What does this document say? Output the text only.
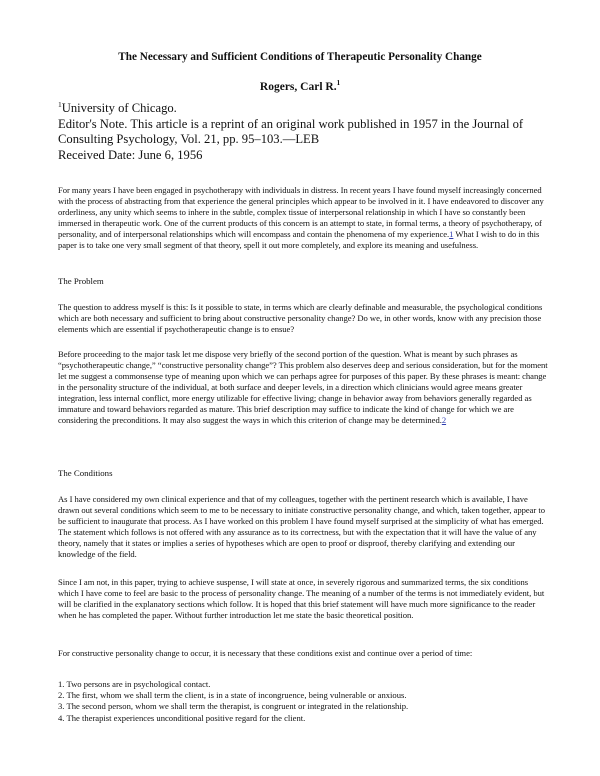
The Necessary and Sufficient Conditions of Therapeutic Personality Change
Rogers, Carl R.$^1$
$^1$University of Chicago.
Editor's Note. This article is a reprint of an original work published in 1957 in the Journal of
Consulting Psychology, Vol. 21, pp. 95–103.—LEB
Received Date: June 6, 1956

For many years I have been engaged in psychotherapy with individuals in distress. In recent years I have found myself increasingly concerned with the process of abstracting from that experience the general principles which appear to be involved in it. I have endeavored to discover any orderliness, any unity which seems to inhere in the subtle, complex tissue of interpersonal relationship in which I have so constantly been immersed in therapeutic work. One of the current products of this concern is an attempt to state, in formal terms, a theory of psychotherapy, of personality, and of interpersonal relationships which will encompass and contain the phenomena of my experience.1 What I wish to do in this paper is to take one very small segment of that theory, spell it out more completely, and explore its meaning and usefulness.

The Problem

The question to address myself is this: Is it possible to state, in terms which are clearly definable and measurable, the psychological conditions which are both necessary and sufficient to bring about constructive personality change? Do we, in other words, know with any precision those elements which are essential if psychotherapeutic change is to ensue?

Before proceeding to the major task let me dispose very briefly of the second portion of the question. What is meant by such phrases as “psychotherapeutic change,” “constructive personality change”? This problem also deserves deep and serious consideration, but for the moment let me suggest a commonsense type of meaning upon which we can perhaps agree for purposes of this paper. By these phrases is meant: change in the personality structure of the individual, at both surface and deeper levels, in a direction which clinicians would agree means greater integration, less internal conflict, more energy utilizable for effective living; change in behavior away from behaviors generally regarded as immature and toward behaviors regarded as mature. This brief description may suffice to indicate the kind of change for which we are considering the preconditions. It may also suggest the ways in which this criterion of change may be determined.2

The Conditions

As I have considered my own clinical experience and that of my colleagues, together with the pertinent research which is available, I have drawn out several conditions which seem to me to be necessary to initiate constructive personality change, and which, taken together, appear to be sufficient to inaugurate that process. As I have worked on this problem I have found myself surprised at the simplicity of what has emerged. The statement which follows is not offered with any assurance as to its correctness, but with the expectation that it will have the value of any theory, namely that it states or implies a series of hypotheses which are open to proof or disproof, thereby clarifying and extending our knowledge of the field.

Since I am not, in this paper, trying to achieve suspense, I will state at once, in severely rigorous and summarized terms, the six conditions which I have come to feel are basic to the process of personality change. The meaning of a number of the terms is not immediately evident, but will be clarified in the explanatory sections which follow. It is hoped that this brief statement will have much more significance to the reader when he has completed the paper. Without further introduction let me state the basic theoretical position.

For constructive personality change to occur, it is necessary that these conditions exist and continue over a period of time:

1. Two persons are in psychological contact.
2. The first, whom we shall term the client, is in a state of incongruence, being vulnerable or anxious.
3. The second person, whom we shall term the therapist, is congruent or integrated in the relationship.
4. The therapist experiences unconditional positive regard for the client.
